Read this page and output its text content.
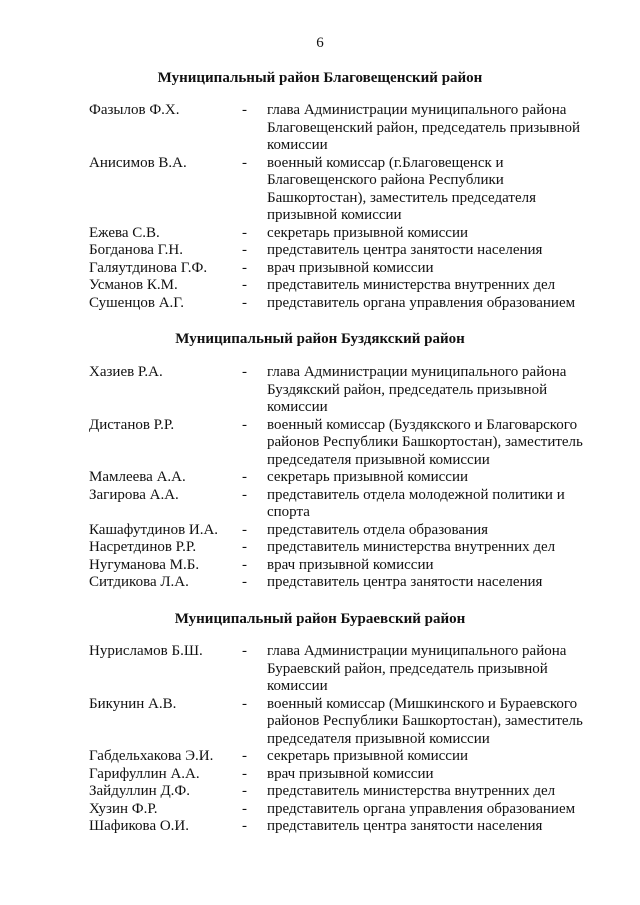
6
Муниципальный район Благовещенский район
Фазылов Ф.Х.	-	глава Администрации муниципального района Благовещенский район, председатель призывной комиссии
Анисимов В.А.	-	военный комиссар (г.Благовещенск и Благовещенского района Республики Башкортостан), заместитель председателя призывной комиссии
Ежева С.В.	-	секретарь призывной комиссии
Богданова Г.Н.	-	представитель центра занятости населения
Галяутдинова Г.Ф.	-	врач призывной комиссии
Усманов К.М.	-	представитель министерства внутренних дел
Сушенцов А.Г.	-	представитель органа управления образованием
Муниципальный район Буздякский район
Хазиев Р.А.	-	глава Администрации муниципального района Буздякский район, председатель призывной комиссии
Дистанов Р.Р.	-	военный комиссар (Буздякского и Благоварского районов Республики Башкортостан), заместитель председателя призывной комиссии
Мамлеева А.А.	-	секретарь призывной комиссии
Загирова А.А.	-	представитель отдела молодежной политики и спорта
Кашафутдинов И.А.	-	представитель отдела образования
Насретдинов Р.Р.	-	представитель министерства внутренних дел
Нугуманова М.Б.	-	врач призывной комиссии
Ситдикова Л.А.	-	представитель центра занятости населения
Муниципальный район Бураевский район
Нурисламов Б.Ш.	-	глава Администрации муниципального района Бураевский район, председатель призывной комиссии
Бикунин А.В.	-	военный комиссар (Мишкинского и Бураевского районов Республики Башкортостан), заместитель председателя призывной комиссии
Габдельхакова Э.И.	-	секретарь призывной комиссии
Гарифуллин А.А.	-	врач призывной комиссии
Зайдуллин Д.Ф.	-	представитель министерства внутренних дел
Хузин Ф.Р.	-	представитель органа управления образованием
Шафикова О.И.	-	представитель центра занятости населения
